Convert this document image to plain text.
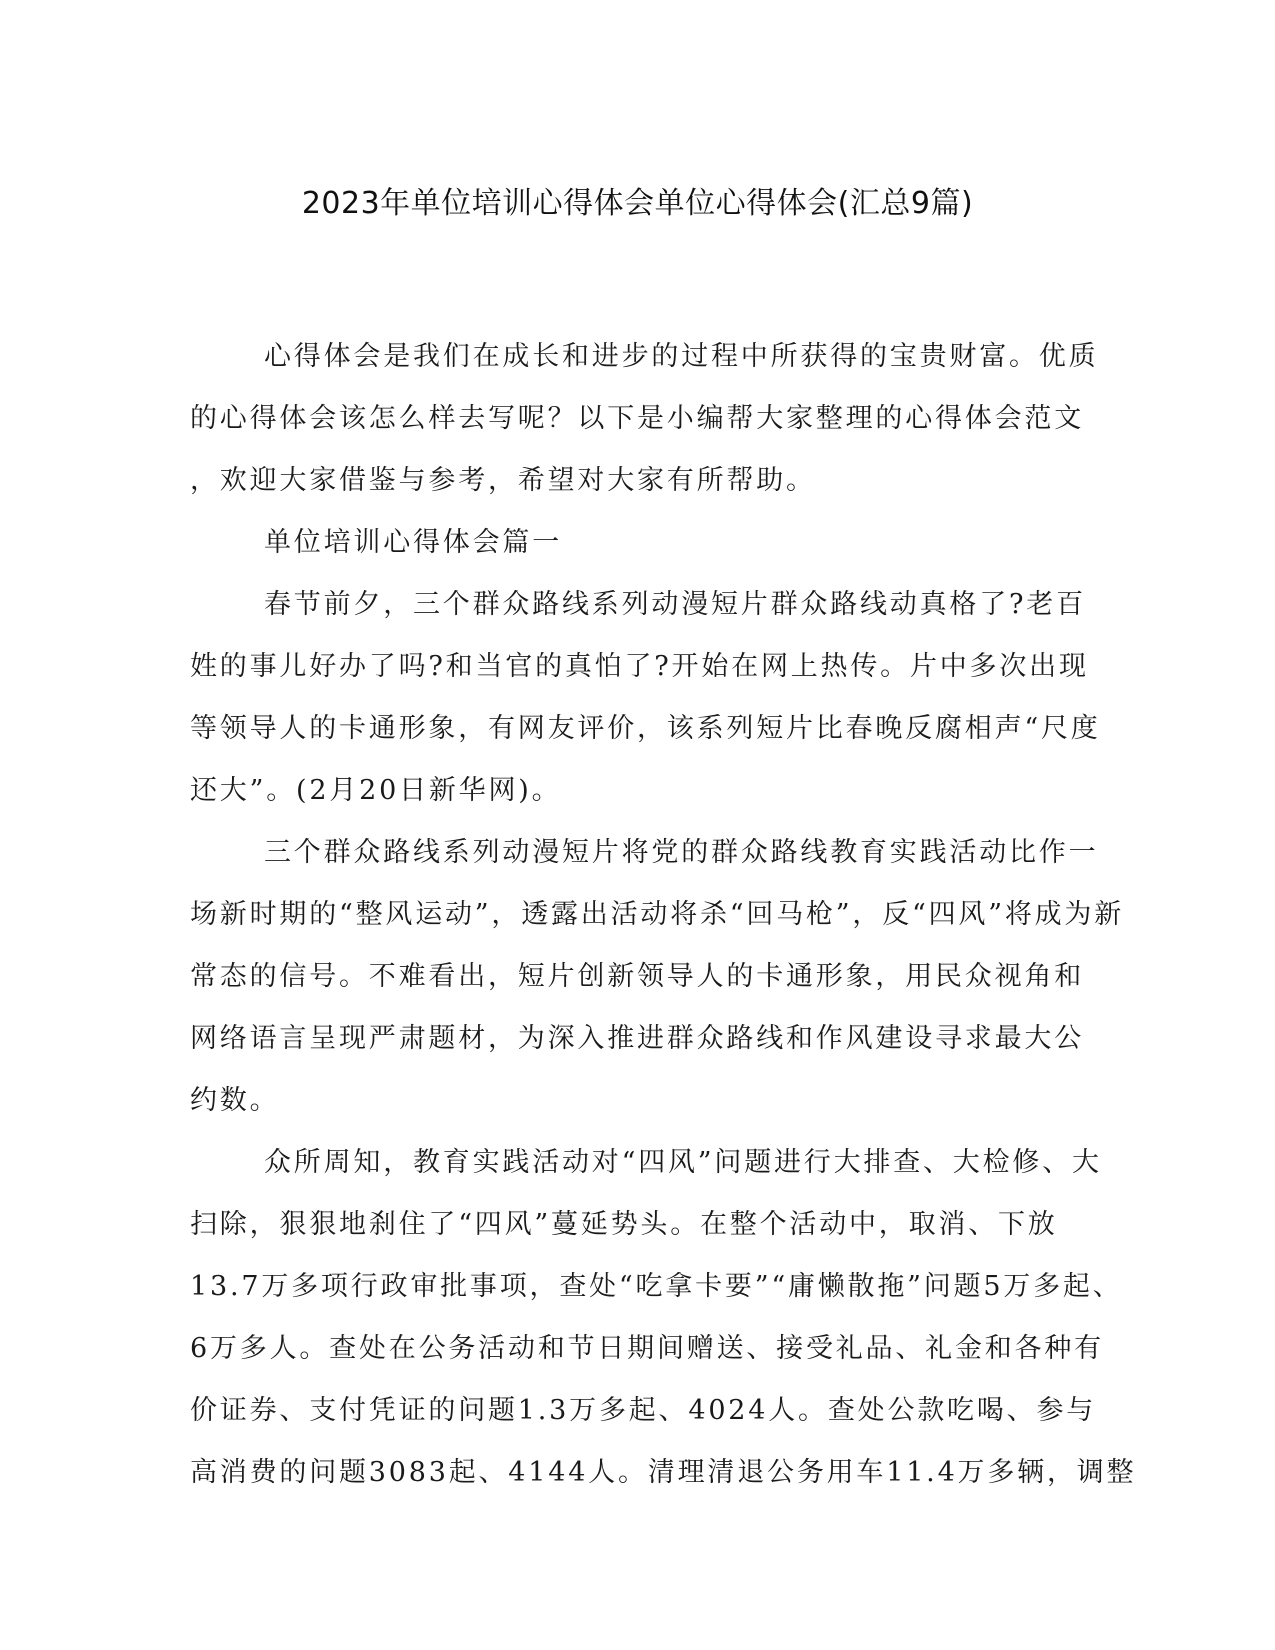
2023年单位培训心得体会单位心得体会(汇总9篇)
心得体会是我们在成长和进步的过程中所获得的宝贵财富。优质
的心得体会该怎么样去写呢？以下是小编帮大家整理的心得体会范文
，欢迎大家借鉴与参考，希望对大家有所帮助。
单位培训心得体会篇一
春节前夕，三个群众路线系列动漫短片群众路线动真格了?老百
姓的事儿好办了吗?和当官的真怕了?开始在网上热传。片中多次出现
等领导人的卡通形象，有网友评价，该系列短片比春晚反腐相声“尺度
还大”。(2月20日新华网)。
三个群众路线系列动漫短片将党的群众路线教育实践活动比作一
场新时期的“整风运动”，透露出活动将杀“回马枪”，反“四风”将成为新
常态的信号。不难看出，短片创新领导人的卡通形象，用民众视角和
网络语言呈现严肃题材，为深入推进群众路线和作风建设寻求最大公
约数。
众所周知，教育实践活动对“四风”问题进行大排查、大检修、大
扫除，狠狠地刹住了“四风”蔓延势头。在整个活动中，取消、下放
13.7万多项行政审批事项，查处“吃拿卡要”“庸懒散拖”问题5万多起、
6万多人。查处在公务活动和节日期间赠送、接受礼品、礼金和各种有
价证券、支付凭证的问题1.3万多起、4024人。查处公款吃喝、参与
高消费的问题3083起、4144人。清理清退公务用车11.4万多辆，调整
